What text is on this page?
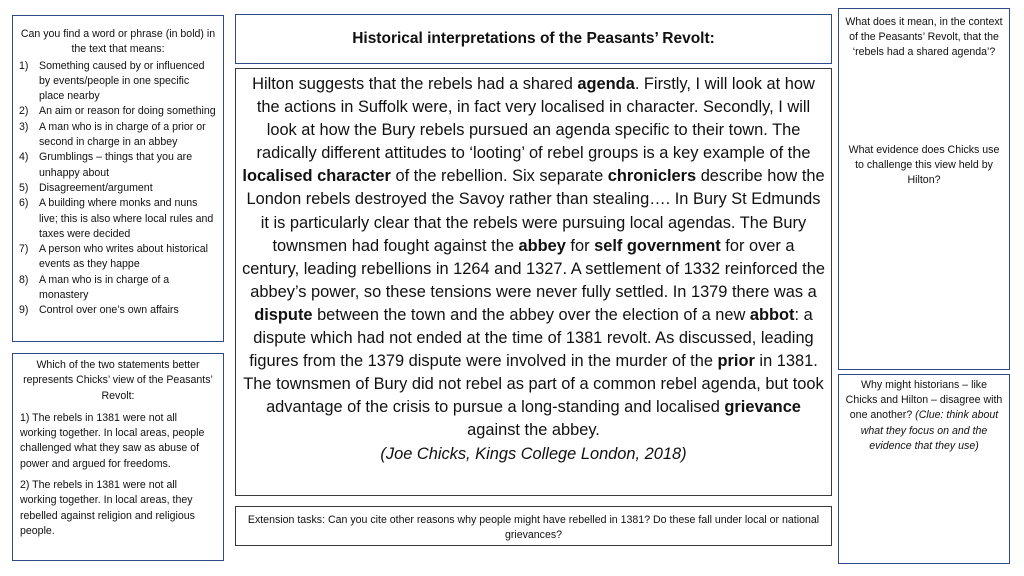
Can you find a word or phrase (in bold) in the text that means:
1) Something caused by or influenced by events/people in one specific place nearby
2) An aim or reason for doing something
3) A man who is in charge of a prior or second in charge in an abbey
4) Grumblings – things that you are unhappy about
5) Disagreement/argument
6) A building where monks and nuns live; this is also where local rules and taxes were decided
7) A person who writes about historical events as they happe
8) A man who is in charge of a monastery
9) Control over one’s own affairs
Which of the two statements better represents Chicks’ view of the Peasants’ Revolt:

1) The rebels in 1381 were not all working together. In local areas, people challenged what they saw as abuse of power and argued for freedoms.

2) The rebels in 1381 were not all working together. In local areas, they rebelled against religion and religious people.

Historical interpretations of the Peasants’ Revolt:

Hilton suggests that the rebels had a shared agenda. Firstly, I will look at how the actions in Suffolk were, in fact very localised in character. Secondly, I will look at how the Bury rebels pursued an agenda specific to their town. The radically different attitudes to ‘looting’ of rebel groups is a key example of the localised character of the rebellion. Six separate chroniclers describe how the London rebels destroyed the Savoy rather than stealing…. In Bury St Edmunds it is particularly clear that the rebels were pursuing local agendas. The Bury townsmen had fought against the abbey for self government for over a century, leading rebellions in 1264 and 1327. A settlement of 1332 reinforced the abbey’s power, so these tensions were never fully settled. In 1379 there was a dispute between the town and the abbey over the election of a new abbot: a dispute which had not ended at the time of 1381 revolt. As discussed, leading figures from the 1379 dispute were involved in the murder of the prior in 1381. The townsmen of Bury did not rebel as part of a common rebel agenda, but took advantage of the crisis to pursue a long-standing and localised grievance against the abbey.

(Joe Chicks, Kings College London, 2018)

Extension tasks: Can you cite other reasons why people might have rebelled in 1381? Do these fall under local or national grievances?

What does it mean, in the context of the Peasants’ Revolt, that the ‘rebels had a shared agenda’?

What evidence does Chicks use to challenge this view held by Hilton?

Why might historians – like Chicks and Hilton – disagree with one another? (Clue: think about what they focus on and the evidence that they use)
